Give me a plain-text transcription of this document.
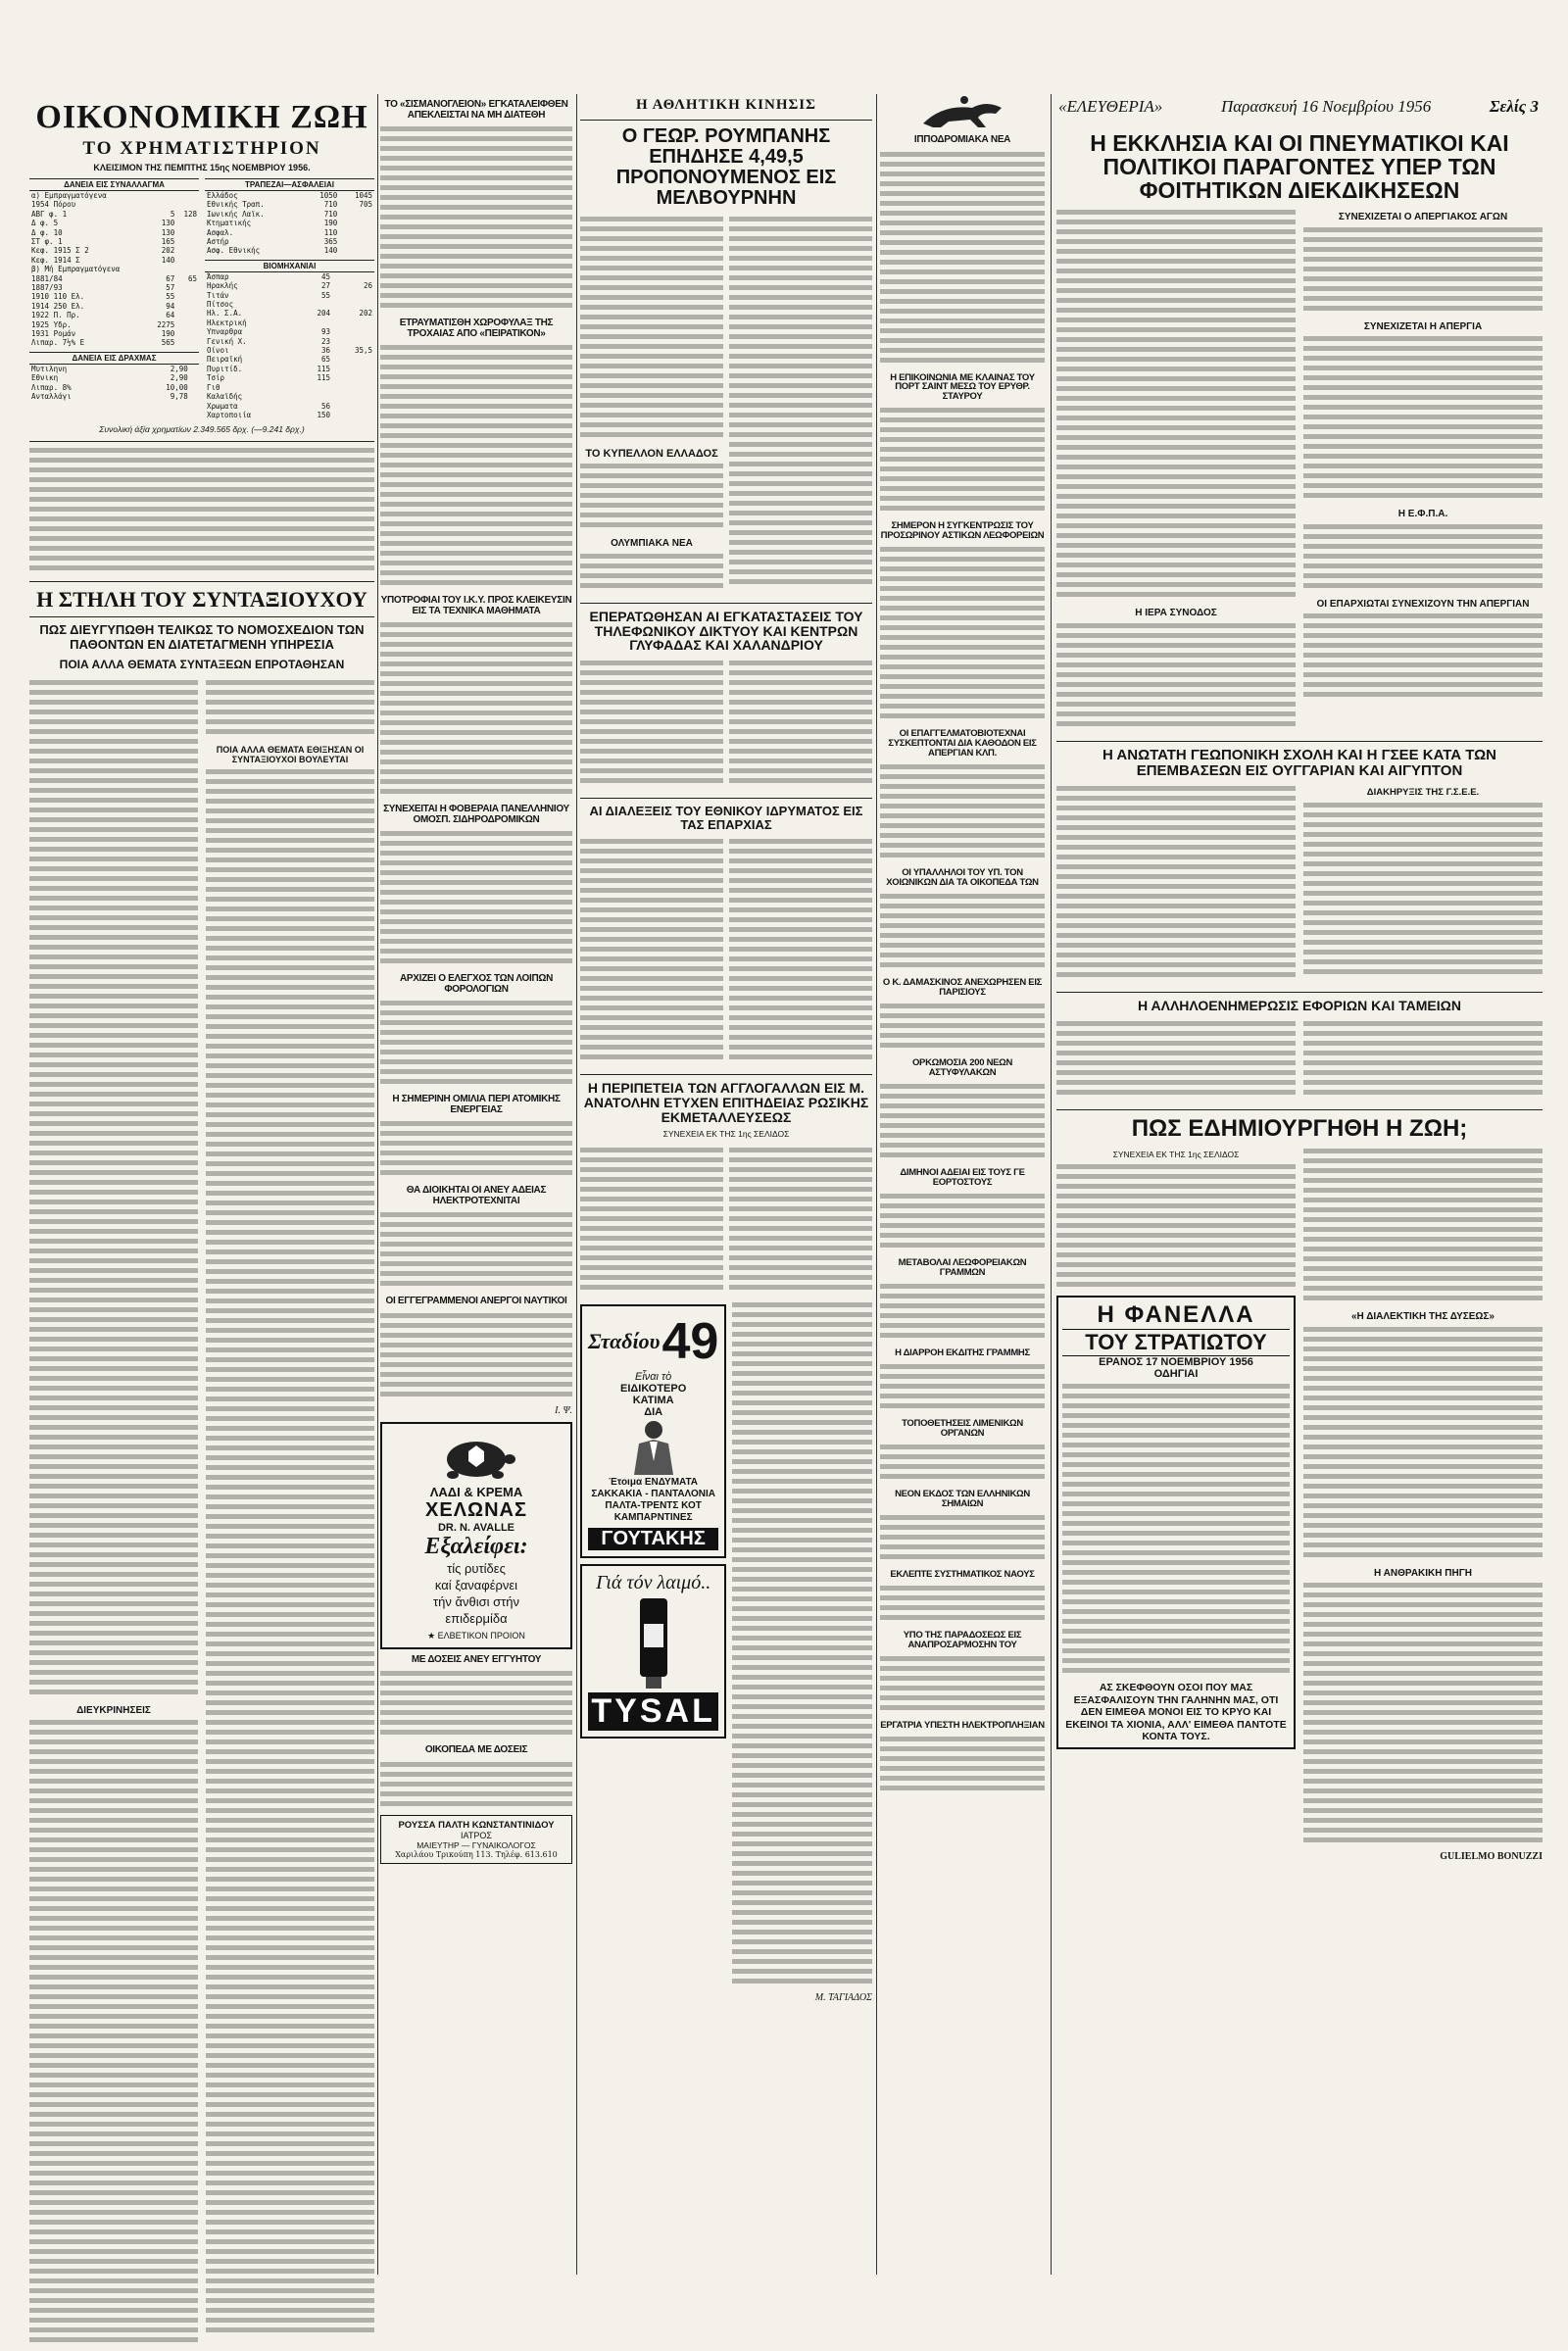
«ΕΛΕΥΘΕΡΙΑ»	Παρασκευή 16 Νοεμβρίου 1956	Σελίς 3
ΟΙΚΟΝΟΜΙΚΗ ΖΩΗ
ΤΟ ΧΡΗΜΑΤΙΣΤΗΡΙΟΝ
ΚΛΕΙΣΙΜΟΝ ΤΗΣ ΠΕΜΠΤΗΣ 15ης ΝΟΕΜΒΡΙΟΥ 1956.
ΔΑΝΕΙΑ ΕΙΣ ΣΥΝΑΛΛΑΓΜΑ		
α) Εμπραγματόγενα		
1954 Πόρου		
ΑΒΓ φ. 1	5	128
Δ φ. 5	130	
Δ φ. 10	130	
ΣΤ φ. 1	165	
Κεφ. 1915 Σ 2	202	
Κεφ. 1914 Σ	140	
β) Μή Εμπραγματόγενα		
1881/84	67	65
1887/93	57	
1910 110 Ελ.	55	
1914 250 Ελ.	94	
1922 Π. Πρ.	64	
1925 Υδρ.	2275	
1931 Ρομάν	190	
Λιπαρ. 7½% Ε	565	
ΔΑΝΕΙΑ ΕΙΣ ΔΡΑΧΜΑΣ		
Μυτιληνη	2,90	
Εθνικη	2,90	
Λιπαρ. 8%	10,00	
Ανταλλάγι	9,78	
ΤΡΑΠΕΖΑΙ—ΑΣΦΑΛΕΙΑΙ		
Ελλάδος	1050	1045
Εθνικής Τραπ.	710	705
Ιωνικής Λαϊκ.	710	
Κτηματικής	190	
Ασφαλ.	110	
Αστήρ	365	
Ασφ. Εθνικής	140	
ΒΙΟΜΗΧΑΝΙΑΙ		
Άσπαρ	45	
Ηρακλής	27	26
Τιτάν	55	
Πίτσος		
Ηλ. Σ.Α.	204	202
Ηλεκτρική		
Υπναρθρα	93	
Γενική Χ.	23	
Οίνοι	36	35,5
Πειραϊκή	65	
Πυριτίδ.	115	
Τσίρ	115	
Γιθ		
Καλαϊδής		
Χρωματα	56	
Χαρτοποιία	150	
Συνολική άξία χρηματίων 2.349.565 δρχ. (—9.241 δρχ.)
Η ΣΤΗΛΗ ΤΟΥ ΣΥΝΤΑΞΙΟΥΧΟΥ
ΠΩΣ ΔΙΕΥΓΥΠΩΘΗ ΤΕΛΙΚΩΣ ΤΟ ΝΟΜΟΣΧΕΔΙΟΝ ΤΩΝ ΠΑΘΟΝΤΩΝ ΕΝ ΔΙΑΤΕΤΑΓΜΕΝΗ ΥΠΗΡΕΣΙΑ
ΠΟΙΑ ΑΛΛΑ ΘΕΜΑΤΑ ΣΥΝΤΑΞΕΩΝ ΕΠΡΟΤΑΘΗΣΑΝ
ΔΙΕΥΚΡΙΝΗΣΕΙΣ
ΠΟΙΑ ΑΛΛΑ ΘΕΜΑΤΑ ΕΘΙΞΗΣΑΝ ΟΙ ΣΥΝΤΑΞΙΟΥΧΟΙ ΒΟΥΛΕΥΤΑΙ
ΤΟ «ΣΙΣΜΑΝΟΓΛΕΙΟΝ» ΕΓΚΑΤΑΛΕΙΦΘΕΝ ΑΠΕΚΛΕΙΣΤΑΙ ΝΑ ΜΗ ΔΙΑΤΕΘΗ
ΕΤΡΑΥΜΑΤΙΣΘΗ ΧΩΡΟΦΥΛΑΞ ΤΗΣ ΤΡΟΧΑΙΑΣ ΑΠΟ «ΠΕΙΡΑΤΙΚΟΝ»
ΥΠΟΤΡΟΦΙΑΙ ΤΟΥ Ι.Κ.Υ. ΠΡΟΣ ΚΛΕΙΚΕΥΣΙΝ ΕΙΣ ΤΑ ΤΕΧΝΙΚΑ ΜΑΘΗΜΑΤΑ
ΣΥΝΕΧΕΙΤΑΙ Η ΦΟΒΕΡΑΙΑ ΠΑΝΕΛΛΗΝΙΟΥ ΟΜΟΣΠ. ΣΙΔΗΡΟΔΡΟΜΙΚΩΝ
ΑΡΧΙΖΕΙ Ο ΕΛΕΓΧΟΣ ΤΩΝ ΛΟΙΠΩΝ ΦΟΡΟΛΟΓΙΩΝ
Η ΣΗΜΕΡΙΝΗ ΟΜΙΛΙΑ ΠΕΡΙ ΑΤΟΜΙΚΗΣ ΕΝΕΡΓΕΙΑΣ
ΘΑ ΔΙΟΙΚΗΤΑΙ ΟΙ ΑΝΕΥ ΑΔΕΙΑΣ ΗΛΕΚΤΡΟΤΕΧΝΙΤΑΙ
ΟΙ ΕΓΓΕΓΡΑΜΜΕΝΟΙ ΑΝΕΡΓΟΙ ΝΑΥΤΙΚΟΙ
Ι. Ψ.
ΛΑΔΙ & ΚΡΕΜΑ
ΧΕΛΩΝΑΣ
DR. N. AVALLE
Εξαλείφει:
τίς ρυτίδες
καί ξαναφέρνει
τήν ἄνθισι στήν
επιδερμίδα
★ ΕΛΒΕΤΙΚΟΝ ΠΡΟΙΟΝ
ΜΕ ΔΟΣΕΙΣ ΑΝΕΥ ΕΓΓΥΗΤΟΥ
ΟΙΚΟΠΕΔΑ ΜΕ ΔΟΣΕΙΣ
ΡΟΥΣΣΑ ΠΑΛΤΗ ΚΩΝΣΤΑΝΤΙΝΙΔΟΥ
ΙΑΤΡΟΣ
ΜΑΙΕΥΤΗΡ — ΓΥΝΑΙΚΟΛΟΓΟΣ
Χαριλάου Τρικούπη 113. Τηλέφ. 613.610
Η ΑΘΛΗΤΙΚΗ ΚΙΝΗΣΙΣ
Ο ΓΕΩΡ. ΡΟΥΜΠΑΝΗΣ ΕΠΗΔΗΣΕ 4,49,5 ΠΡΟΠΟΝΟΥΜΕΝΟΣ ΕΙΣ ΜΕΛΒΟΥΡΝΗΝ
ΤΟ ΚΥΠΕΛΛΟΝ ΕΛΛΑΔΟΣ
ΟΛΥΜΠΙΑΚΑ ΝΕΑ
ΕΠΕΡΑΤΩΘΗΣΑΝ ΑΙ ΕΓΚΑΤΑΣΤΑΣΕΙΣ ΤΟΥ ΤΗΛΕΦΩΝΙΚΟΥ ΔΙΚΤΥΟΥ ΚΑΙ ΚΕΝΤΡΩΝ ΓΛΥΦΑΔΑΣ ΚΑΙ ΧΑΛΑΝΔΡΙΟΥ
ΑΙ ΔΙΑΛΕΞΕΙΣ ΤΟΥ ΕΘΝΙΚΟΥ ΙΔΡΥΜΑΤΟΣ ΕΙΣ ΤΑΣ ΕΠΑΡΧΙΑΣ
Η ΠΕΡΙΠΕΤΕΙΑ ΤΩΝ ΑΓΓΛΟΓΑΛΛΩΝ ΕΙΣ Μ. ΑΝΑΤΟΛΗΝ ΕΤΥΧΕΝ ΕΠΙΤΗΔΕΙΑΣ ΡΩΣΙΚΗΣ ΕΚΜΕΤΑΛΛΕΥΣΕΩΣ
ΣΥΝΕΧΕΙΑ ΕΚ ΤΗΣ 1ης ΣΕΛΙΔΟΣ
Σταδίου 49
Εἶναι τὸ
ΕΙΔΙΚΟΤΕΡΟ
ΚΑΤΙΜΑ
ΔΙΑ
Έτοιμα ΕΝΔΥΜΑΤΑ ΣΑΚΚΑΚΙΑ - ΠΑΝΤΑΛΟΝΙΑ ΠΑΛΤΑ-ΤΡΕΝΤΣ ΚΟΤ ΚΑΜΠΑΡΝΤΙΝΕΣ
ΓΟΥΤΑΚΗΣ
Γιά τόν λαιμό..
TYSAL
Μ. ΤΑΓΙΑΔΟΣ
ΙΠΠΟΔΡΟΜΙΑΚΑ ΝΕΑ
Η ΕΠΙΚΟΙΝΩΝΙΑ ΜΕ ΚΛΑΙΝΑΣ ΤΟΥ ΠΟΡΤ ΣΑΙΝΤ ΜΕΣΩ ΤΟΥ ΕΡΥΘΡ. ΣΤΑΥΡΟΥ
ΣΗΜΕΡΟΝ Η ΣΥΓΚΕΝΤΡΩΣΙΣ ΤΟΥ ΠΡΟΣΩΡΙΝΟΥ ΑΣΤΙΚΩΝ ΛΕΩΦΟΡΕΙΩΝ
ΟΙ ΕΠΑΓΓΕΛΜΑΤΟΒΙΟΤΕΧΝΑΙ ΣΥΣΚΕΠΤΟΝΤΑΙ ΔΙΑ ΚΑΘΟΔΟΝ ΕΙΣ ΑΠΕΡΓΙΑΝ ΚΛΠ.
ΟΙ ΥΠΑΛΛΗΛΟΙ ΤΟΥ ΥΠ. ΤΟΝ ΧΟΙΩΝΙΚΩΝ ΔΙΑ ΤΑ ΟΙΚΟΠΕΔΑ ΤΩΝ
Ο Κ. ΔΑΜΑΣΚΙΝΟΣ ΑΝΕΧΩΡΗΣΕΝ ΕΙΣ ΠΑΡΙΣΙΟΥΣ
ΟΡΚΩΜΟΣΙΑ 200 ΝΕΩΝ ΑΣΤΥΦΥΛΑΚΩΝ
ΔΙΜΗΝΟΙ ΑΔΕΙΑΙ ΕΙΣ ΤΟΥΣ ΓΕ ΕΟΡΤΟΣΤΟΥΣ
ΜΕΤΑΒΟΛΑΙ ΛΕΩΦΟΡΕΙΑΚΩΝ ΓΡΑΜΜΩΝ
Η ΔΙΑΡΡΟΗ ΕΚΔΙΤΗΣ ΓΡΑΜΜΗΣ
ΤΟΠΟΘΕΤΗΣΕΙΣ ΛΙΜΕΝΙΚΩΝ ΟΡΓΑΝΩΝ
ΝΕΟΝ ΕΚΔΟΣ ΤΩΝ ΕΛΛΗΝΙΚΩΝ ΣΗΜΑΙΩΝ
ΕΚΛΕΠΤΕ ΣΥΣΤΗΜΑΤΙΚΟΣ ΝΑΟΥΣ
ΥΠΟ ΤΗΣ ΠΑΡΑΔΟΣΕΩΣ ΕΙΣ ΑΝΑΠΡΟΣΑΡΜΟΣΗΝ ΤΟΥ
ΕΡΓΑΤΡΙΑ ΥΠΕΣΤΗ ΗΛΕΚΤΡΟΠΛΗΞΙΑΝ
Η ΕΚΚΛΗΣΙΑ ΚΑΙ ΟΙ ΠΝΕΥΜΑΤΙΚΟΙ ΚΑΙ ΠΟΛΙΤΙΚΟΙ ΠΑΡΑΓΟΝΤΕΣ ΥΠΕΡ ΤΩΝ ΦΟΙΤΗΤΙΚΩΝ ΔΙΕΚΔΙΚΗΣΕΩΝ
Η ΙΕΡΑ ΣΥΝΟΔΟΣ
ΣΥΝΕΧΙΖΕΤΑΙ Ο ΑΠΕΡΓΙΑΚΟΣ ΑΓΩΝ
ΣΥΝΕΧΙΖΕΤΑΙ Η ΑΠΕΡΓΙΑ
Η Ε.Φ.Π.Α.
ΟΙ ΕΠΑΡΧΙΩΤΑΙ ΣΥΝΕΧΙΖΟΥΝ ΤΗΝ ΑΠΕΡΓΙΑΝ
Η ΑΝΩΤΑΤΗ ΓΕΩΠΟΝΙΚΗ ΣΧΟΛΗ ΚΑΙ Η ΓΣΕΕ ΚΑΤΑ ΤΩΝ ΕΠΕΜΒΑΣΕΩΝ ΕΙΣ ΟΥΓΓΑΡΙΑΝ ΚΑΙ ΑΙΓΥΠΤΟΝ
ΔΙΑΚΗΡΥΞΙΣ ΤΗΣ Γ.Σ.Ε.Ε.
Η ΑΛΛΗΛΟΕΝΗΜΕΡΩΣΙΣ ΕΦΟΡΙΩΝ ΚΑΙ ΤΑΜΕΙΩΝ
ΠΩΣ ΕΔΗΜΙΟΥΡΓΗΘΗ Η ΖΩΗ;
ΣΥΝΕΧΕΙΑ ΕΚ ΤΗΣ 1ης ΣΕΛΙΔΟΣ
Η ΦΑΝΕΛΛΑ
ΤΟΥ ΣΤΡΑΤΙΩΤΟΥ
ΕΡΑΝΟΣ 17 ΝΟΕΜΒΡΙΟΥ 1956
ΟΔΗΓΙΑΙ
ΑΣ ΣΚΕΦΘΟΥΝ ΟΣΟΙ ΠΟΥ ΜΑΣ ΕΞΑΣΦΑΛΙΣΟΥΝ ΤΗΝ ΓΑΛΗΝΗΝ ΜΑΣ, ΟΤΙ ΔΕΝ ΕΙΜΕΘΑ ΜΟΝΟΙ ΕΙΣ ΤΟ ΚΡΥΟ ΚΑΙ ΕΚΕΙΝΟΙ ΤΑ ΧΙΟΝΙΑ, ΑΛΛ' ΕΙΜΕΘΑ ΠΑΝΤΟΤΕ ΚΟΝΤΑ ΤΟΥΣ.
«Η ΔΙΑΛΕΚΤΙΚΗ ΤΗΣ ΔΥΣΕΩΣ»
Η ΑΝΘΡΑΚΙΚΗ ΠΗΓΗ
GULIELMO BONUZZI
